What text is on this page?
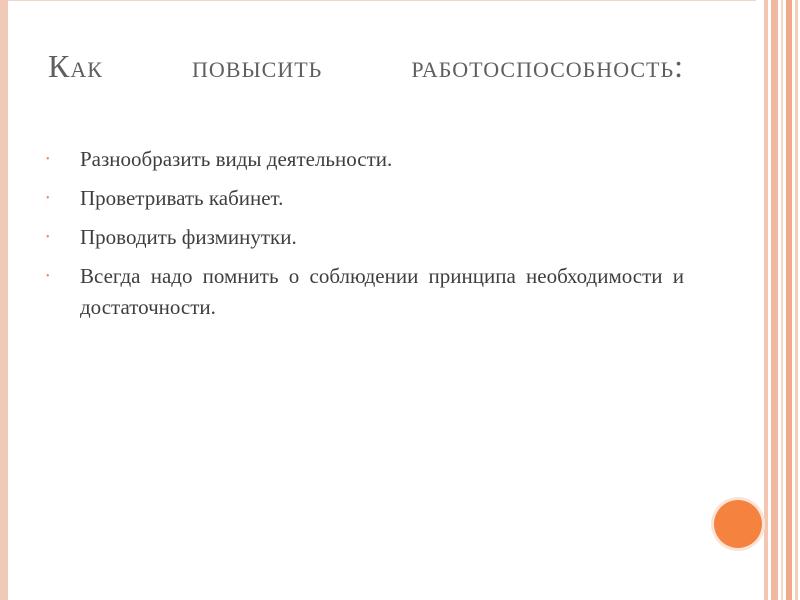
Как	повысить	работоспособность:
• Разнообразить виды деятельности.
• Проветривать кабинет.
• Проводить физминутки.
• Всегда надо помнить о соблюдении принципа необходимости и достаточности.
